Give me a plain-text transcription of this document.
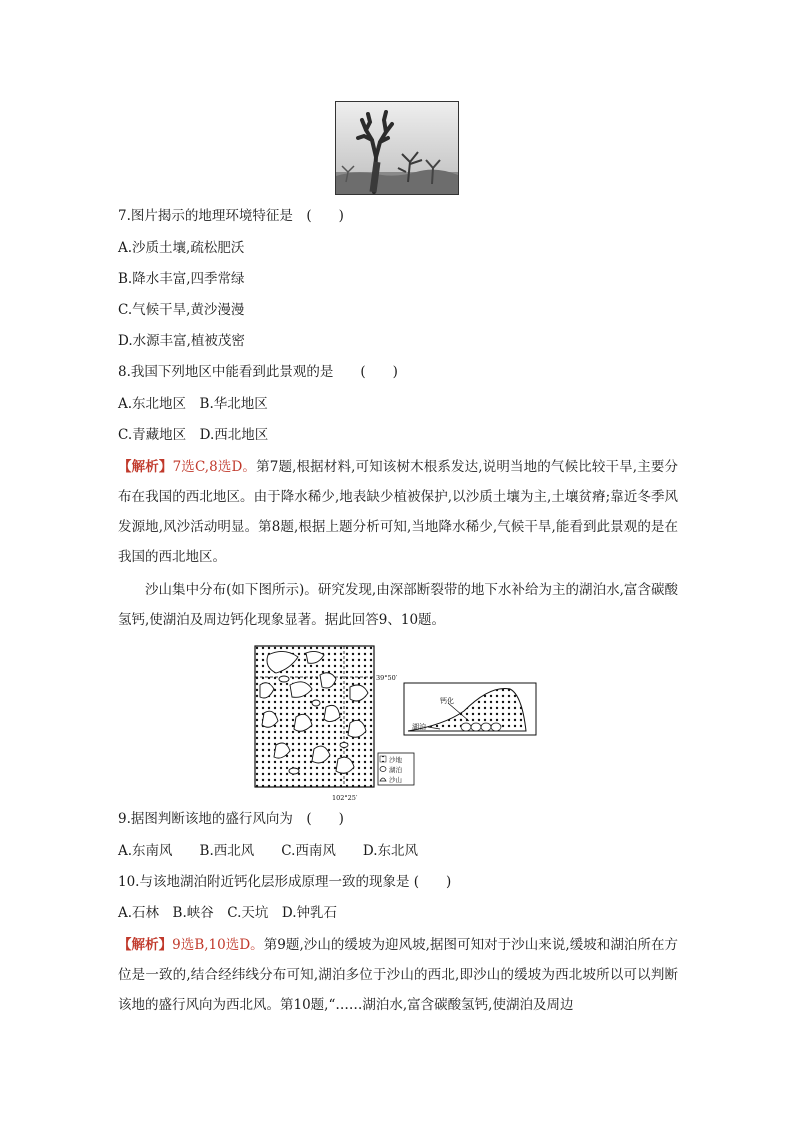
7.图片揭示的地理环境特征是　(　　)
A.沙质土壤,疏松肥沃
B.降水丰富,四季常绿
C.气候干旱,黄沙漫漫
D.水源丰富,植被茂密
8.我国下列地区中能看到此景观的是　　(　　)
A.东北地区　B.华北地区
C.青藏地区　D.西北地区
【解析】7选C,8选D。第7题,根据材料,可知该树木根系发达,说明当地的气候比较干旱,主要分布在我国的西北地区。由于降水稀少,地表缺少植被保护,以沙质土壤为主,土壤贫瘠;靠近冬季风发源地,风沙活动明显。第8题,根据上题分析可知,当地降水稀少,气候干旱,能看到此景观的是在我国的西北地区。
沙山集中分布(如下图所示)。研究发现,由深部断裂带的地下水补给为主的湖泊水,富含碳酸氢钙,使湖泊及周边钙化现象显著。据此回答9、10题。
39°50′
102°25′
沙地
湖泊
沙山
钙化
湖泊
9.据图判断该地的盛行风向为　(　　)
A.东南风　　B.西北风　　C.西南风　　D.东北风
10.与该地湖泊附近钙化层形成原理一致的现象是 (　　)
A.石林　B.峡谷　C.天坑　D.钟乳石
【解析】9选B,10选D。第9题,沙山的缓坡为迎风坡,据图可知对于沙山来说,缓坡和湖泊所在方位是一致的,结合经纬线分布可知,湖泊多位于沙山的西北,即沙山的缓坡为西北坡所以可以判断该地的盛行风向为西北风。第10题,“……湖泊水,富含碳酸氢钙,使湖泊及周边
